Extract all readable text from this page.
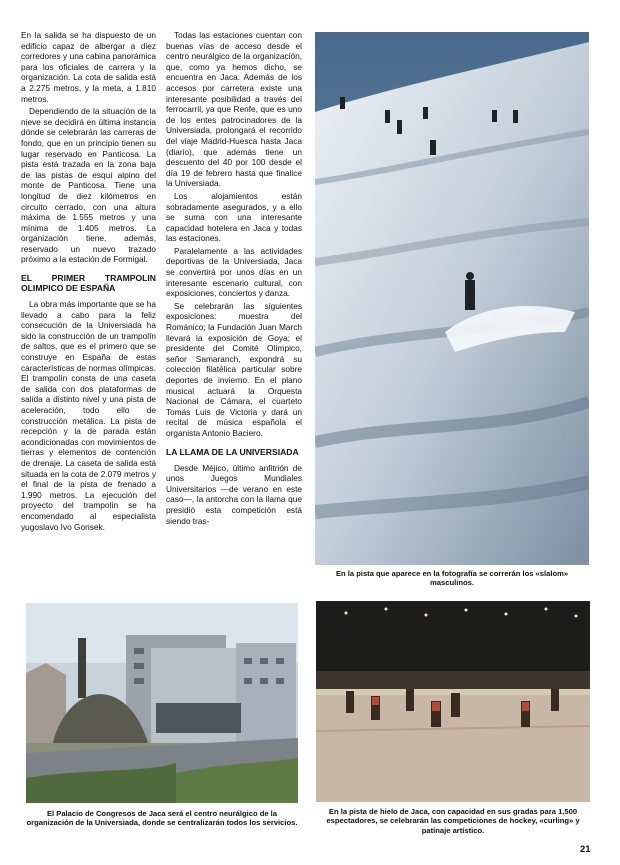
En la salida se ha dispuesto de un edificio capaz de albergar a diez corredores y una cabina panorámica para los oficiales de carrera y la organización. La cota de salida está a 2.275 metros, y la meta, a 1.810 metros.

Dependiendo de la situación de la nieve se decidirá en última instancia dónde se celebrarán las carreras de fondo, que en un principio tienen su lugar reservado en Panticosa. La pista está trazada en la zona baja de las pistas de esquí alpino del monte de Panticosa. Tiene una longitud de diez kilómetros en circuito cerrado, con una altura máxima de 1.555 metros y una mínima de 1.405 metros. La organización tiene, además, reservado un nuevo trazado próximo a la estación de Formigal.

EL PRIMER TRAMPOLIN OLIMPICO DE ESPAÑA

La obra más importante que se ha llevado a cabo para la feliz consecución de la Universiada ha sido la construcción de un trampolín de saltos, que es el primero que se construye en España de estas características de normas olímpicas. El trampolín consta de una caseta de salida con dos plataformas de salida a distinto nivel y una pista de aceleración, todo ello de construcción metálica. La pista de recepción y la de parada están acondicionadas con movimientos de tierras y elementos de contención de drenaje. La caseta de salida está situada en la cota de 2.079 metros y el final de la pista de frenado a 1.990 metros. La ejecución del proyecto del trampolín se ha encomendado al especialista yugoslavo Ivo Gorisek.

Todas las estaciones cuentan con buenas vías de acceso desde el centro neurálgico de la organización, que, como ya hemos dicho, se encuentra en Jaca. Además de los accesos por carretera existe una interesante posibilidad a través del ferrocarril, ya que Renfe, que es uno de los entes patrocinadores de la Universiada, prolongará el recorrido del viaje Madrid-Huesca hasta Jaca (diario), que además tiene un descuento del 40 por 100 desde el día 19 de febrero hasta que finalice la Universiada.

Los alojamientos están sobradamente asegurados, y a ello se suma con una interesante capacidad hotelera en Jaca y todas las estaciones.

Paralelamente a las actividades deportivas de la Universiada, Jaca se convertirá por unos días en un interesante escenario cultural, con exposiciones, conciertos y danza.

Se celebrarán las siguientes exposiciones: muestra del Románico; la Fundación Juan March llevará la exposición de Goya; el presidente del Comité Olímpico, señor Samaranch, expondrá su colección filatélica particular sobre deportes de invierno. En el plano musical actuará la Orquesta Nacional de Cámara, el cuarteto Tomás Luis de Victoria y dará un recital de música española el organista Antonio Baciero.

LA LLAMA DE LA UNIVERSIADA

Desde Méjico, último anfitrión de unos Juegos Mundiales Universitarios —de verano en este caso—, la antorcha con la llama que presidió esta competición está siendo tras-

En la pista que aparece en la fotografía se correrán los «slalom» masculinos.
El Palacio de Congresos de Jaca será el centro neurálgico de la organización de la Universiada, donde se centralizarán todos los servicios.
En la pista de hielo de Jaca, con capacidad en sus gradas para 1.500 espectadores, se celebrarán las competiciones de hockey, «curling» y patinaje artístico.
21
